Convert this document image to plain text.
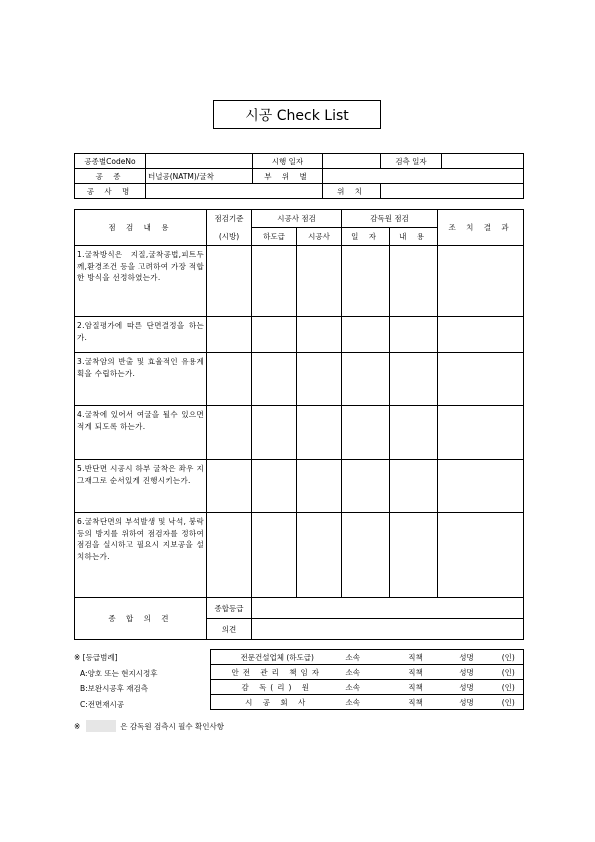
시공 Check List
공종별CodeNo		시행 일자		검측 일자	
공 종	터널공(NATM)/굴착	부 위 별			
공 사 명			위 치		
점 검 내 용	점검기준	시공사 점검		감독원 점검		조 치 결 과
	(시방)	하도급	시공사	일 자	내 용	
1.굴착방식은 지질,굴착공법,피트두께,환경조건 등을 고려하여 가장 적합한 방식을 선정하였는가.						
2.암질평가에 따른 단면결정을 하는가.						
3.굴착암의 반출 및 효율적인 유용계획을 수립하는가.						
4.굴착에 있어서 여굴을 될수 있으면 적게 되도록 하는가.						
5.반단면 시공시 하부 굴착은 좌우 지그재그로 순서있게 진행시키는가.						
6.굴착단면의 부석발생 및 낙석, 붕락등의 방지를 위하여 점검자를 정하여 점검을 실시하고 필요시 지보공을 설치하는가.						
종 합 의 견	종합등급					
	의견					
※ [등급범례]
A:양호 또는 현지시정후
B:보완시공후 재검측
C:전면재시공
전문건설업체 (하도급)	소속	직책	성명	(인)
안전 관리 책임자	소속	직책	성명	(인)
감 독(리) 원	소속	직책	성명	(인)
시 공 회 사	소속	직책	성명	(인)
※	은 감독원 검측시 필수 확인사항
